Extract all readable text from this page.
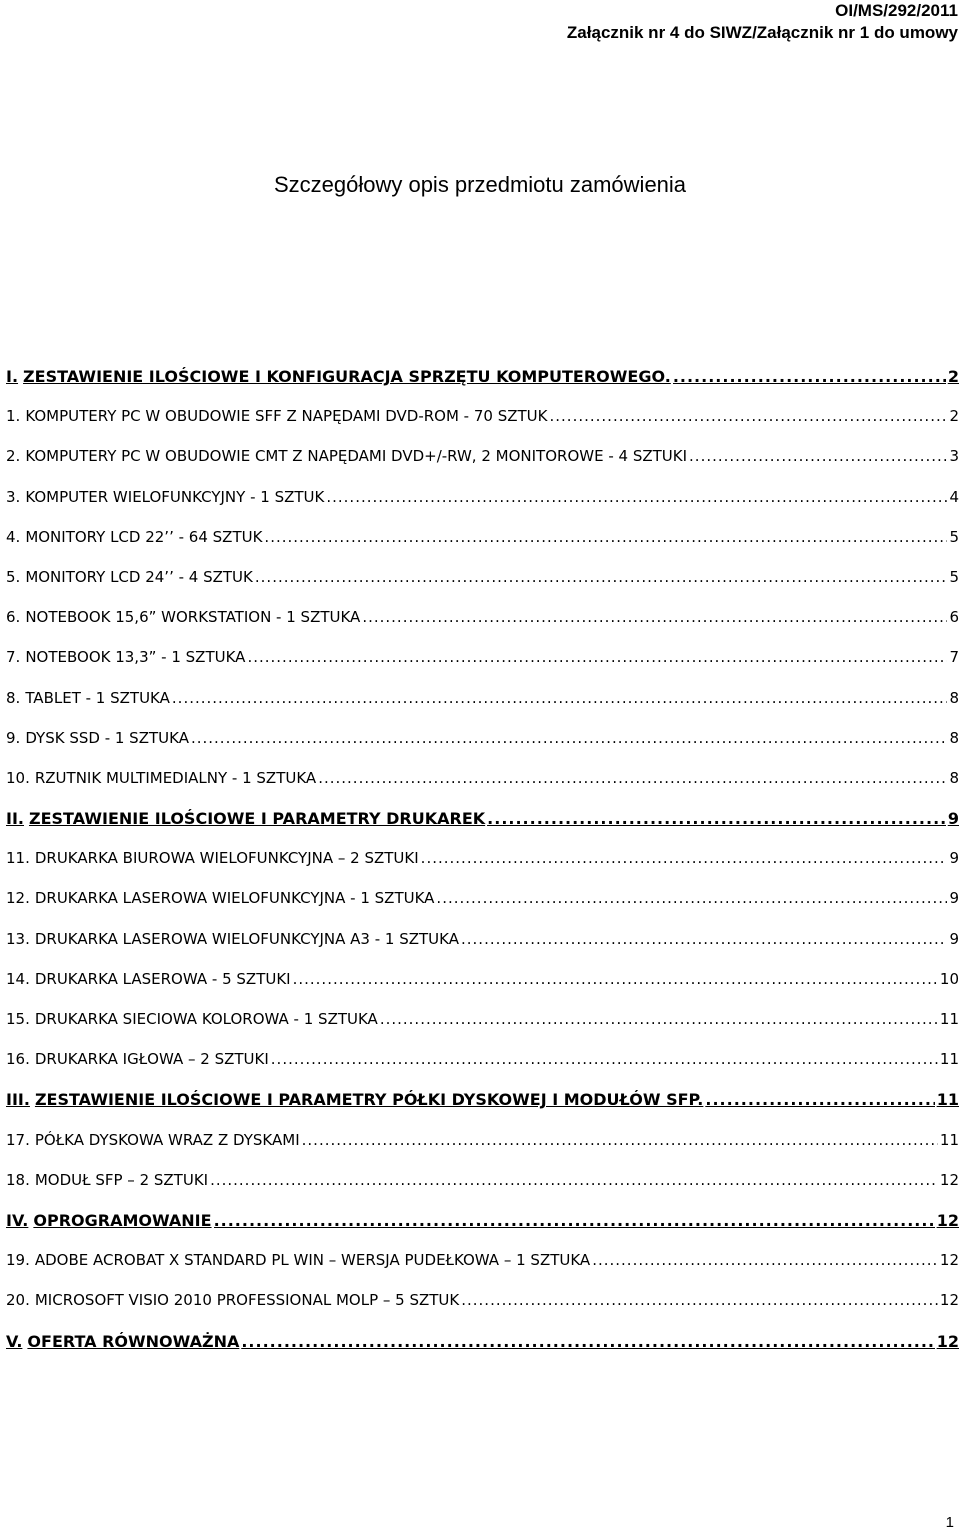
OI/MS/292/2011
Załącznik nr 4 do SIWZ/Załącznik nr 1 do umowy
Szczegółowy opis przedmiotu zamówienia
I. ZESTAWIENIE ILOŚCIOWE I KONFIGURACJA SPRZĘTU KOMPUTEROWEGO. .....	2
1. KOMPUTERY PC W OBUDOWIE SFF Z NAPĘDAMI DVD-ROM - 70 SZTUK .....	2
2. KOMPUTERY PC W OBUDOWIE CMT Z NAPĘDAMI DVD+/-RW, 2 MONITOROWE - 4 SZTUKI .....	3
3. KOMPUTER WIELOFUNKCYJNY - 1 SZTUK .....	4
4. MONITORY LCD 22’’ - 64 SZTUK .....	5
5. MONITORY LCD 24’’ - 4 SZTUK .....	5
6. NOTEBOOK 15,6” WORKSTATION - 1 SZTUKA .....	6
7. NOTEBOOK 13,3” - 1 SZTUKA .....	7
8. TABLET - 1 SZTUKA .....	8
9. DYSK SSD - 1 SZTUKA .....	8
10. RZUTNIK MULTIMEDIALNY - 1 SZTUKA .....	8
II. ZESTAWIENIE ILOŚCIOWE I PARAMETRY DRUKAREK .....	9
11. DRUKARKA BIUROWA WIELOFUNKCYJNA – 2 SZTUKI .....	9
12. DRUKARKA LASEROWA WIELOFUNKCYJNA - 1 SZTUKA .....	9
13. DRUKARKA LASEROWA WIELOFUNKCYJNA A3 - 1 SZTUKA .....	9
14. DRUKARKA LASEROWA - 5 SZTUKI .....	10
15. DRUKARKA SIECIOWA KOLOROWA - 1 SZTUKA .....	11
16. DRUKARKA IGŁOWA – 2 SZTUKI .....	11
III. ZESTAWIENIE ILOŚCIOWE I PARAMETRY PÓŁKI DYSKOWEJ I MODUŁÓW SFP. .....	11
17. PÓŁKA DYSKOWA WRAZ Z DYSKAMI .....	11
18. MODUŁ SFP – 2 SZTUKI .....	12
IV. OPROGRAMOWANIE .....	12
19. ADOBE ACROBAT X STANDARD PL WIN – WERSJA PUDEŁKOWA – 1 SZTUKA .....	12
20. MICROSOFT VISIO 2010 PROFESSIONAL MOLP – 5 SZTUK .....	12
V. OFERTA RÓWNOWAŻNA .....	12
1
